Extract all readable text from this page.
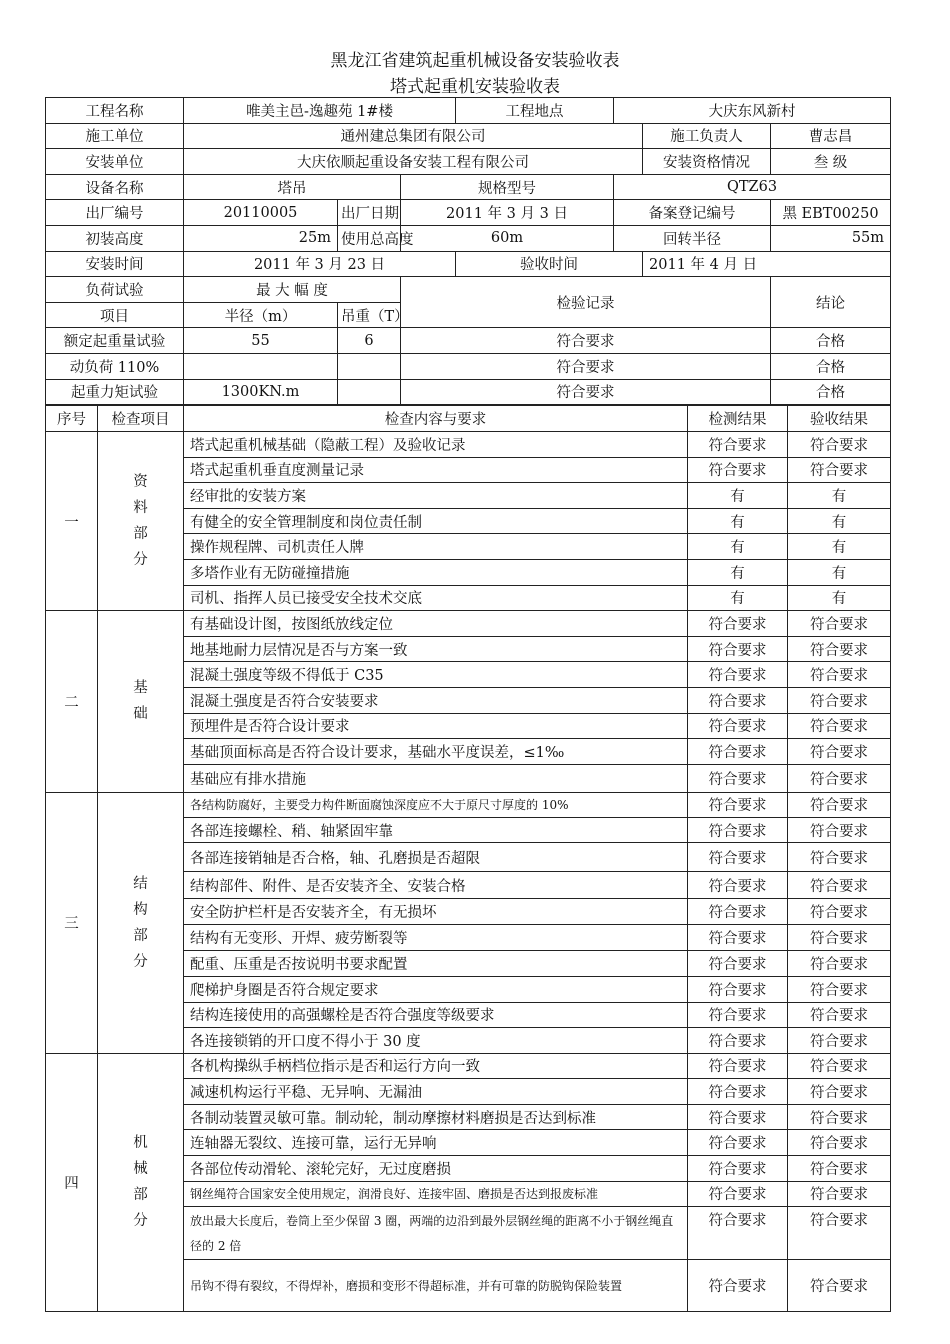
黑龙江省建筑起重机械设备安装验收表
塔式起重机安装验收表
工程名称	唯美主邑-逸趣苑 1#楼			工程地点	大庆东风新村		
施工单位	通州建总集团有限公司					施工负责人	曹志昌
安装单位	大庆依顺起重设备安装工程有限公司					安装资格情况	叁 级
设备名称	塔吊		规格型号		QTZ63		
出厂编号	20110005	出厂日期	2011 年 3 月 3 日		备案登记编号		黑 EBT00250
初装高度	25m	使用总高度	60m		回转半径		55m
安装时间	2011 年 3 月 23 日			验收时间		2011 年 4 月 日	
负荷试验	最 大 幅 度		检验记录				结论
项目	半径（m）	吊重（T）					
额定起重量试验	55	6	符合要求				合格
动负荷 110%			符合要求				合格
起重力矩试验	1300KN.m		符合要求				合格
序号	检查项目	检查内容与要求	检测结果	验收结果
一	资料部分	塔式起重机械基础（隐蔽工程）及验收记录	符合要求	符合要求
		塔式起重机垂直度测量记录	符合要求	符合要求
		经审批的安装方案	有	有
		有健全的安全管理制度和岗位责任制	有	有
		操作规程牌、司机责任人牌	有	有
		多塔作业有无防碰撞措施	有	有
		司机、指挥人员已接受安全技术交底	有	有
二	基础	有基础设计图，按图纸放线定位	符合要求	符合要求
		地基地耐力层情况是否与方案一致	符合要求	符合要求
		混凝土强度等级不得低于 C35	符合要求	符合要求
		混凝土强度是否符合安装要求	符合要求	符合要求
		预埋件是否符合设计要求	符合要求	符合要求
		基础顶面标高是否符合设计要求，基础水平度误差，≤1‰	符合要求	符合要求
		基础应有排水措施	符合要求	符合要求
三	结构部分	各结构防腐好，主要受力构件断面腐蚀深度应不大于原尺寸厚度的 10%	符合要求	符合要求
		各部连接螺栓、稍、轴紧固牢靠	符合要求	符合要求
		各部连接销轴是否合格，轴、孔磨损是否超限	符合要求	符合要求
		结构部件、附件、是否安装齐全、安装合格	符合要求	符合要求
		安全防护栏杆是否安装齐全，有无损坏	符合要求	符合要求
		结构有无变形、开焊、疲劳断裂等	符合要求	符合要求
		配重、压重是否按说明书要求配置	符合要求	符合要求
		爬梯护身圈是否符合规定要求	符合要求	符合要求
		结构连接使用的高强螺栓是否符合强度等级要求	符合要求	符合要求
		各连接锁销的开口度不得小于 30 度	符合要求	符合要求
四	机械部分	各机构操纵手柄档位指示是否和运行方向一致	符合要求	符合要求
		减速机构运行平稳、无异响、无漏油	符合要求	符合要求
		各制动装置灵敏可靠。制动轮，制动摩擦材料磨损是否达到标准	符合要求	符合要求
		连轴器无裂纹、连接可靠，运行无异响	符合要求	符合要求
		各部位传动滑轮、滚轮完好，无过度磨损	符合要求	符合要求
		钢丝绳符合国家安全使用规定，润滑良好、连接牢固、磨损是否达到报废标准	符合要求	符合要求
		放出最大长度后，卷筒上至少保留 3 圈，两端的边沿到最外层钢丝绳的距离不小于钢丝绳直径的 2 倍	符合要求	符合要求
		吊钩不得有裂纹，不得焊补，磨损和变形不得超标准，并有可靠的防脱钩保险装置	符合要求	符合要求
